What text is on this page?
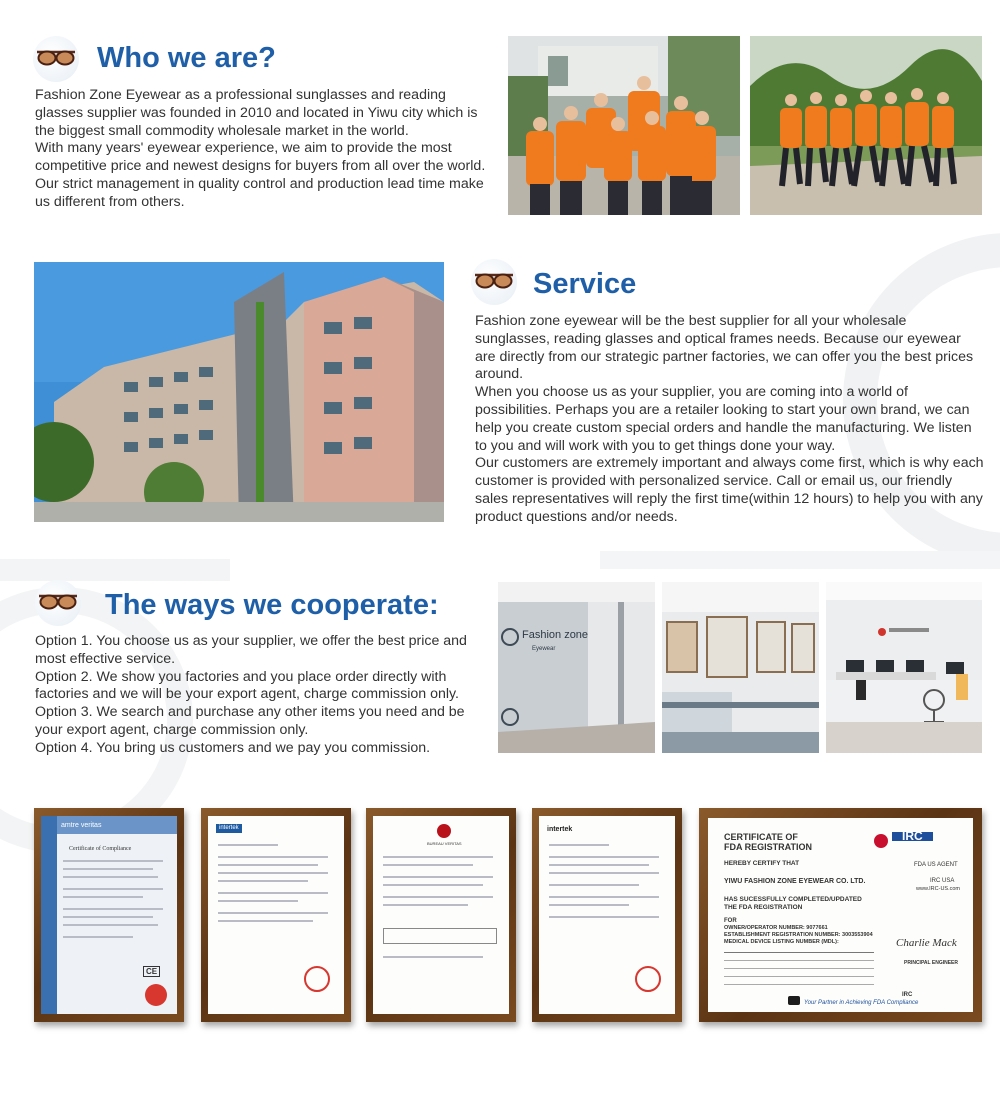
Who we are?

Fashion Zone Eyewear as a professional sunglasses and reading glasses supplier was founded in 2010 and located in Yiwu city which is the biggest small commodity wholesale market in the world.

With many years' eyewear experience, we aim to provide the most competitive price and newest designs for buyers from all over the world. Our strict management in quality control and production lead time make us different from others.

Service

Fashion zone eyewear will be the best supplier for all your wholesale sunglasses, reading glasses and optical frames needs. Because our eyewear are directly from our strategic partner factories, we can offer you the best prices around.

When you choose us as your supplier, you are coming into a world of possibilities. Perhaps you are a retailer looking to start your own brand, we can help you create custom special orders and handle the manufacturing. We listen to you and will work with you to get things done your way.

Our customers are extremely important and always come first, which is why each customer is provided with personalized service. Call or email us, our friendly sales representatives will reply the first time(within 12 hours) to help you with any product questions and/or needs.

The ways we cooperate:

Option 1. You choose us as your supplier, we offer the best price and most effective service.

Option 2. We show you factories and you place order directly with factories and we will be your export agent, charge commission only.

Option 3. We search and purchase any other items you need and be your export agent, charge commission only.

Option 4. You bring us customers and we pay you commission.

Fashion zone
Eyewear
amtre veritas
Certificate of Compliance
CE
intertek
BUREAU VERITAS
intertek
CERTIFICATE OF
FDA REGISTRATION
IRC
HEREBY CERTIFY THAT	FDA US AGENT
YIWU FASHION ZONE EYEWEAR CO. LTD.	IRC USA
www.IRC-US.com
HAS SUCESSFULLY COMPLETED/UPDATED
THE FDA REGISTRATION
FOR
OWNER/OPERATOR NUMBER: 9077661
ESTABLISHMENT REGISTRATION NUMBER: 3003553904
MEDICAL DEVICE LISTING NUMBER (MDL):	Charlie Mack
PRINCIPAL ENGINEER
IRC
Your Partner in Achieving FDA Compliance
